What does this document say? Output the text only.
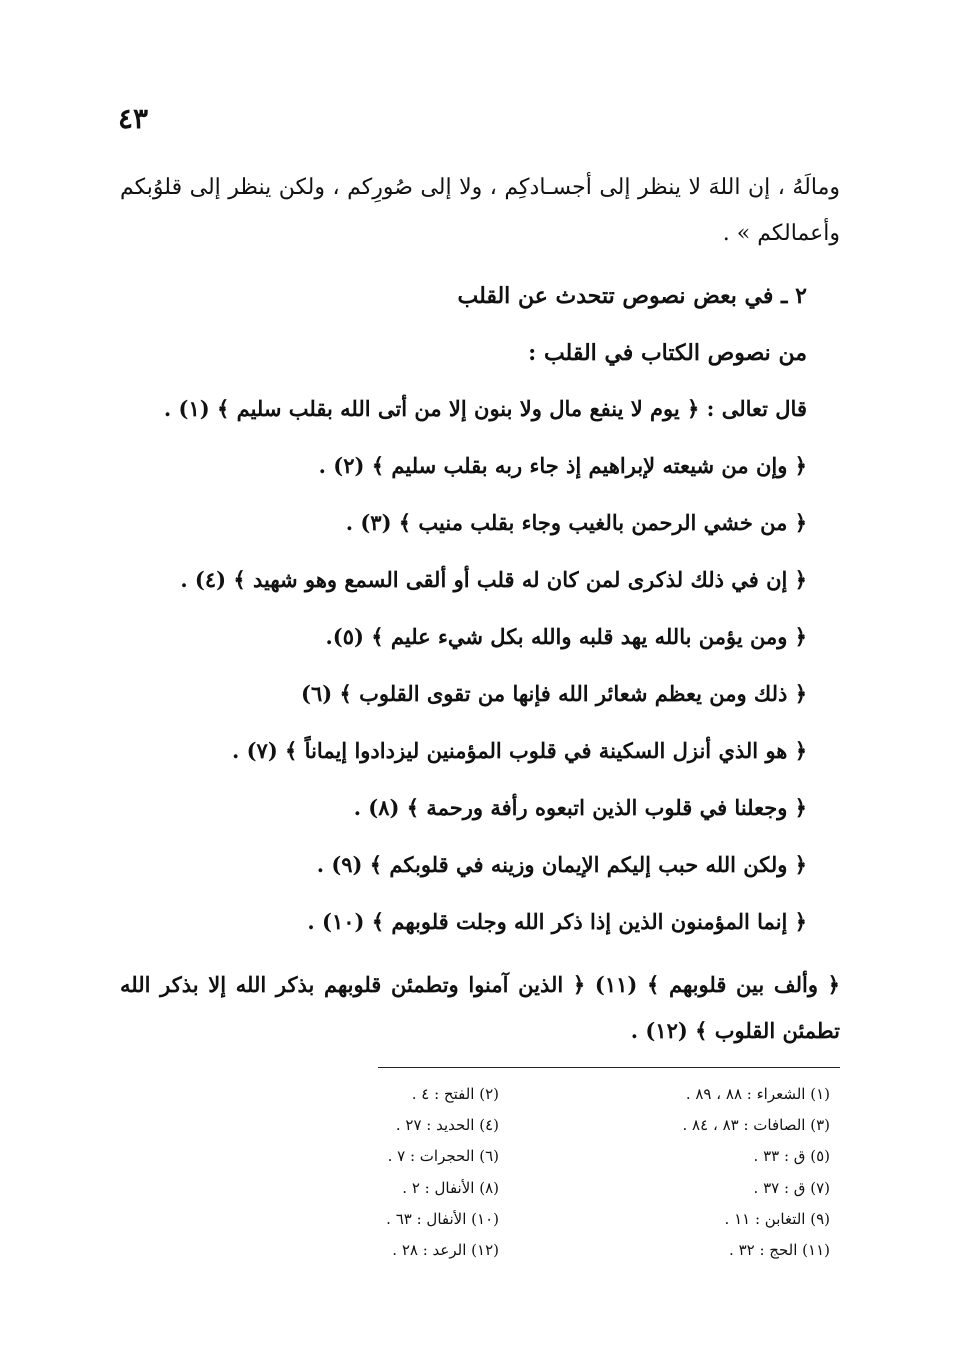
٤٣
ومالَهُ ، إن اللهَ لا ينظر إلى أجسـادكِم ، ولا إلى صُورِكم ، ولكن ينظر إلى قلوُبكم وأعمالكم » .
٢ ـ في بعض نصوص تتحدث عن القلب
من نصوص الكتاب في القلب :
قال تعالى : ﴿ يوم لا ينفع مال ولا بنون إلا من أتى الله بقلب سليم ﴾ (١) .
﴿ وإن من شيعته لإبراهيم إذ جاء ربه بقلب سليم ﴾ (٢) .
﴿ من خشي الرحمن بالغيب وجاء بقلب منيب ﴾ (٣) .
﴿ إن في ذلك لذكرى لمن كان له قلب أو ألقى السمع وهو شهيد ﴾ (٤) .
﴿ ومن يؤمن بالله يهد قلبه والله بكل شيء عليم ﴾ (٥).
﴿ ذلك ومن يعظم شعائر الله فإنها من تقوى القلوب ﴾ (٦)
﴿ هو الذي أنزل السكينة في قلوب المؤمنين ليزدادوا إيماناً ﴾ (٧) .
﴿ وجعلنا في قلوب الذين اتبعوه رأفة ورحمة ﴾ (٨) .
﴿ ولكن الله حبب إليكم الإيمان وزينه في قلوبكم ﴾ (٩) .
﴿ إنما المؤمنون الذين إذا ذكر الله وجلت قلوبهم ﴾ (١٠) .
﴿ وألف بين قلوبهم ﴾ (١١) ﴿ الذين آمنوا وتطمئن قلوبهم بذكر الله إلا بذكر الله تطمئن القلوب ﴾ (١٢) .
(١) الشعراء : ٨٨ ، ٨٩ .
(٣) الصافات : ٨٣ ، ٨٤ .
(٥) ق : ٣٣ .
(٧) ق : ٣٧ .
(٩) التغابن : ١١ .
(١١) الحج : ٣٢ .
(٢) الفتح : ٤ .
(٤) الحديد : ٢٧ .
(٦) الحجرات : ٧ .
(٨) الأنفال : ٢ .
(١٠) الأنفال : ٦٣ .
(١٢) الرعد : ٢٨ .
